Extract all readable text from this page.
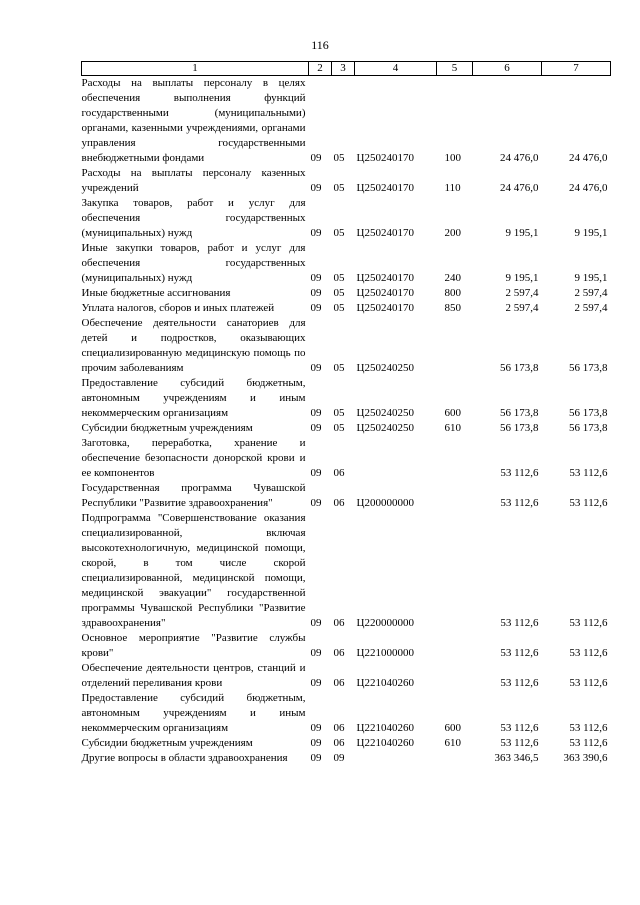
116
1	2	3	4	5	6	7
Расходы на выплаты персоналу в целях обеспечения выполнения функций государственными (муниципальными) органами, казенными учреждениями, органами управления государственными внебюджетными фондами	09	05	Ц250240170	100	24 476,0	24 476,0
Расходы на выплаты персоналу казенных учреждений	09	05	Ц250240170	110	24 476,0	24 476,0
Закупка товаров, работ и услуг для обеспечения государственных (муниципальных) нужд	09	05	Ц250240170	200	9 195,1	9 195,1
Иные закупки товаров, работ и услуг для обеспечения государственных (муниципальных) нужд	09	05	Ц250240170	240	9 195,1	9 195,1
Иные бюджетные ассигнования	09	05	Ц250240170	800	2 597,4	2 597,4
Уплата налогов, сборов и иных платежей	09	05	Ц250240170	850	2 597,4	2 597,4
Обеспечение деятельности санаториев для детей и подростков, оказывающих специализированную медицинскую помощь по прочим заболеваниям	09	05	Ц250240250		56 173,8	56 173,8
Предоставление субсидий бюджетным, автономным учреждениям и иным некоммерческим организациям	09	05	Ц250240250	600	56 173,8	56 173,8
Субсидии бюджетным учреждениям	09	05	Ц250240250	610	56 173,8	56 173,8
Заготовка, переработка, хранение и обеспечение безопасности донорской крови и ее компонентов	09	06			53 112,6	53 112,6
Государственная программа Чувашской Республики "Развитие здравоохранения"	09	06	Ц200000000		53 112,6	53 112,6
Подпрограмма "Совершенствование оказания специализированной, включая высокотехнологичную, медицинской помощи, скорой, в том числе скорой специализированной, медицинской помощи, медицинской эвакуации" государственной программы Чувашской Республики "Развитие здравоохранения"	09	06	Ц220000000		53 112,6	53 112,6
Основное мероприятие "Развитие службы крови"	09	06	Ц221000000		53 112,6	53 112,6
Обеспечение деятельности центров, станций и отделений переливания крови	09	06	Ц221040260		53 112,6	53 112,6
Предоставление субсидий бюджетным, автономным учреждениям и иным некоммерческим организациям	09	06	Ц221040260	600	53 112,6	53 112,6
Субсидии бюджетным учреждениям	09	06	Ц221040260	610	53 112,6	53 112,6
Другие вопросы в области здравоохранения	09	09			363 346,5	363 390,6
